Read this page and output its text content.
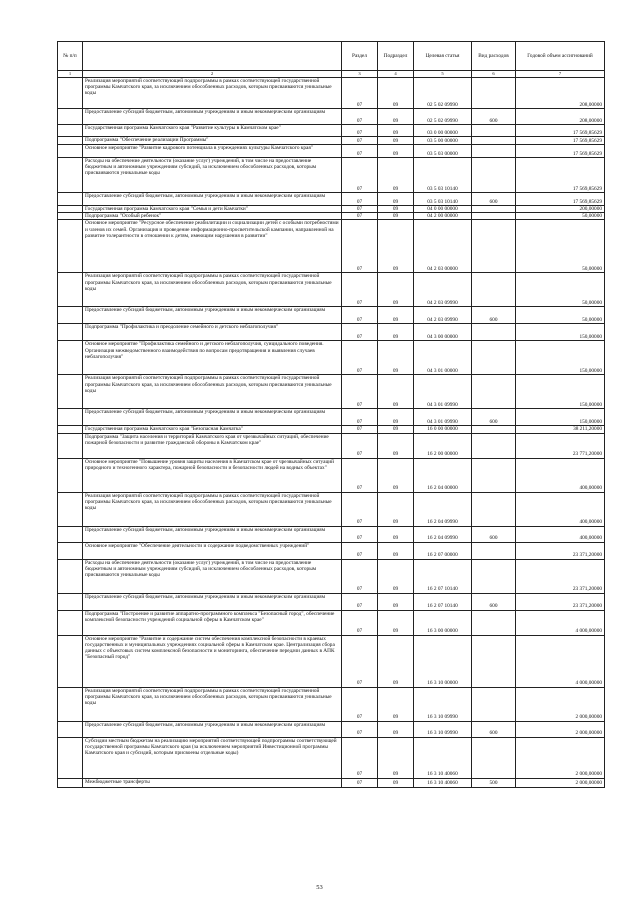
№ п/п		Раздел	Подраздел	Целевая статья	Вид расходов	Годовой объем ассигнований
1	2	3	4	5	6	7
	Реализация мероприятий соответствующей подпрограммы в рамках соответствующей государственной программы Камчатского края, за исключением обособленных расходов, которым присваиваются уникальные коды	07	09	02 5 02 09990		208,00000
	Предоставление субсидий бюджетным, автономным учреждениям и иным некоммерческим организациям	07	09	02 5 02 09990	600	208,00000
	Государственная программа Камчатского края "Развитие культуры в Камчатском крае"	07	09	03 0 00 00000		17 569,85629
	Подпрограмма "Обеспечение реализации Программы"	07	09	03 5 00 00000		17 569,85629
	Основное мероприятие "Развитие кадрового потенциала в учреждениях культуры Камчатского края"	07	09	03 5 03 00000		17 569,85629
	Расходы на обеспечение деятельности (оказание услуг) учреждений, в том числе на предоставление бюджетным и автономным учреждениям субсидий, за исключением обособленных расходов, которым присваиваются уникальные коды	07	09	03 5 03 10140		17 569,85629
	Предоставление субсидий бюджетным, автономным учреждениям и иным некоммерческим организациям	07	09	03 5 03 10140	600	17 569,85629
	Государственная программа Камчатского края "Семья и дети Камчатки"	07	09	04 0 00 00000		200,00000
	Подпрограмма "Особый ребенок"	07	09	04 2 00 00000		50,00000
	Основное мероприятие "Ресурсное обеспечение реабилитации и социализации детей с особыми потребностями и членов их семей. Организация и проведение информационно-просветительской кампании, направленной на развитие толерантности в отношении к детям, имеющим нарушения в развитии"	07	09	04 2 03 00000		50,00000
	Реализация мероприятий соответствующей подпрограммы в рамках соответствующей государственной программы Камчатского края, за исключением обособленных расходов, которым присваиваются уникальные коды	07	09	04 2 03 09990		50,00000
	Предоставление субсидий бюджетным, автономным учреждениям и иным некоммерческим организациям	07	09	04 2 03 09990	600	50,00000
	Подпрограмма "Профилактика и преодоление семейного и детского неблагополучия"	07	09	04 3 00 00000		150,00000
	Основное мероприятие "Профилактика семейного и детского неблагополучия, суицидального поведения. Организация межведомственного взаимодействия по вопросам предотвращения и выявления случаев неблагополучия"	07	09	04 3 01 00000		150,00000
	Реализация мероприятий соответствующей подпрограммы в рамках соответствующей государственной программы Камчатского края, за исключением обособленных расходов, которым присваиваются уникальные коды	07	09	04 3 01 09990		150,00000
	Предоставление субсидий бюджетным, автономным учреждениям и иным некоммерческим организациям	07	09	04 3 01 09990	600	150,00000
	Государственная программа Камчатского края "Безопасная Камчатка"	07	09	16 0 00 00000		38 211,20000
	Подпрограмма "Защита населения и территорий Камчатского края от чрезвычайных ситуаций, обеспечение пожарной безопасности и развитие гражданской обороны в Камчатском крае"	07	09	16 2 00 00000		23 771,20000
	Основное мероприятие "Повышение уровня защиты населения в Камчатском крае от чрезвычайных ситуаций природного и техногенного характера, пожарной безопасности и безопасности людей на водных объектах"	07	09	16 2 04 00000		400,00000
	Реализация мероприятий соответствующей подпрограммы в рамках соответствующей государственной программы Камчатского края, за исключением обособленных расходов, которым присваиваются уникальные коды	07	09	16 2 04 09990		400,00000
	Предоставление субсидий бюджетным, автономным учреждениям и иным некоммерческим организациям	07	09	16 2 04 09990	600	400,00000
	Основное мероприятие "Обеспечение деятельности и содержание подведомственных учреждений"	07	09	16 2 07 00000		23 371,20000
	Расходы на обеспечение деятельности (оказание услуг) учреждений, в том числе на предоставление бюджетным и автономным учреждениям субсидий, за исключением обособленных расходов, которым присваиваются уникальные коды	07	09	16 2 07 10140		23 371,20000
	Предоставление субсидий бюджетным, автономным учреждениям и иным некоммерческим организациям	07	09	16 2 07 10140	600	23 371,20000
	Подпрограмма "Построение и развитие аппаратно-программного комплекса "Безопасный город", обеспечение комплексной безопасности учреждений социальной сферы в Камчатском крае"	07	09	16 3 00 00000		4 000,00000
	Основное мероприятие "Развитие и содержание систем обеспечения комплексной безопасности в краевых государственных и муниципальных учреждениях социальной сферы в Камчатском крае. Централизация сбора данных с объектовых систем комплексной безопасности и мониторинга, обеспечение передачи данных в АПК "Безопасный город"	07	09	16 3 10 00000		4 000,00000
	Реализация мероприятий соответствующей подпрограммы в рамках соответствующей государственной программы Камчатского края, за исключением обособленных расходов, которым присваиваются уникальные коды	07	09	16 3 10 09990		2 000,00000
	Предоставление субсидий бюджетным, автономным учреждениям и иным некоммерческим организациям	07	09	16 3 10 09990	600	2 000,00000
	Субсидии местным бюджетам на реализацию мероприятий соответствующей подпрограммы соответствующей государственной программы Камчатского края (за исключением мероприятий Инвестиционной программы Камчатского края и субсидий, которым присвоены отдельные коды)	07	09	16 3 10 40060		2 000,00000
	Межбюджетные трансферты	07	09	16 3 10 40060	500	2 000,00000
53
